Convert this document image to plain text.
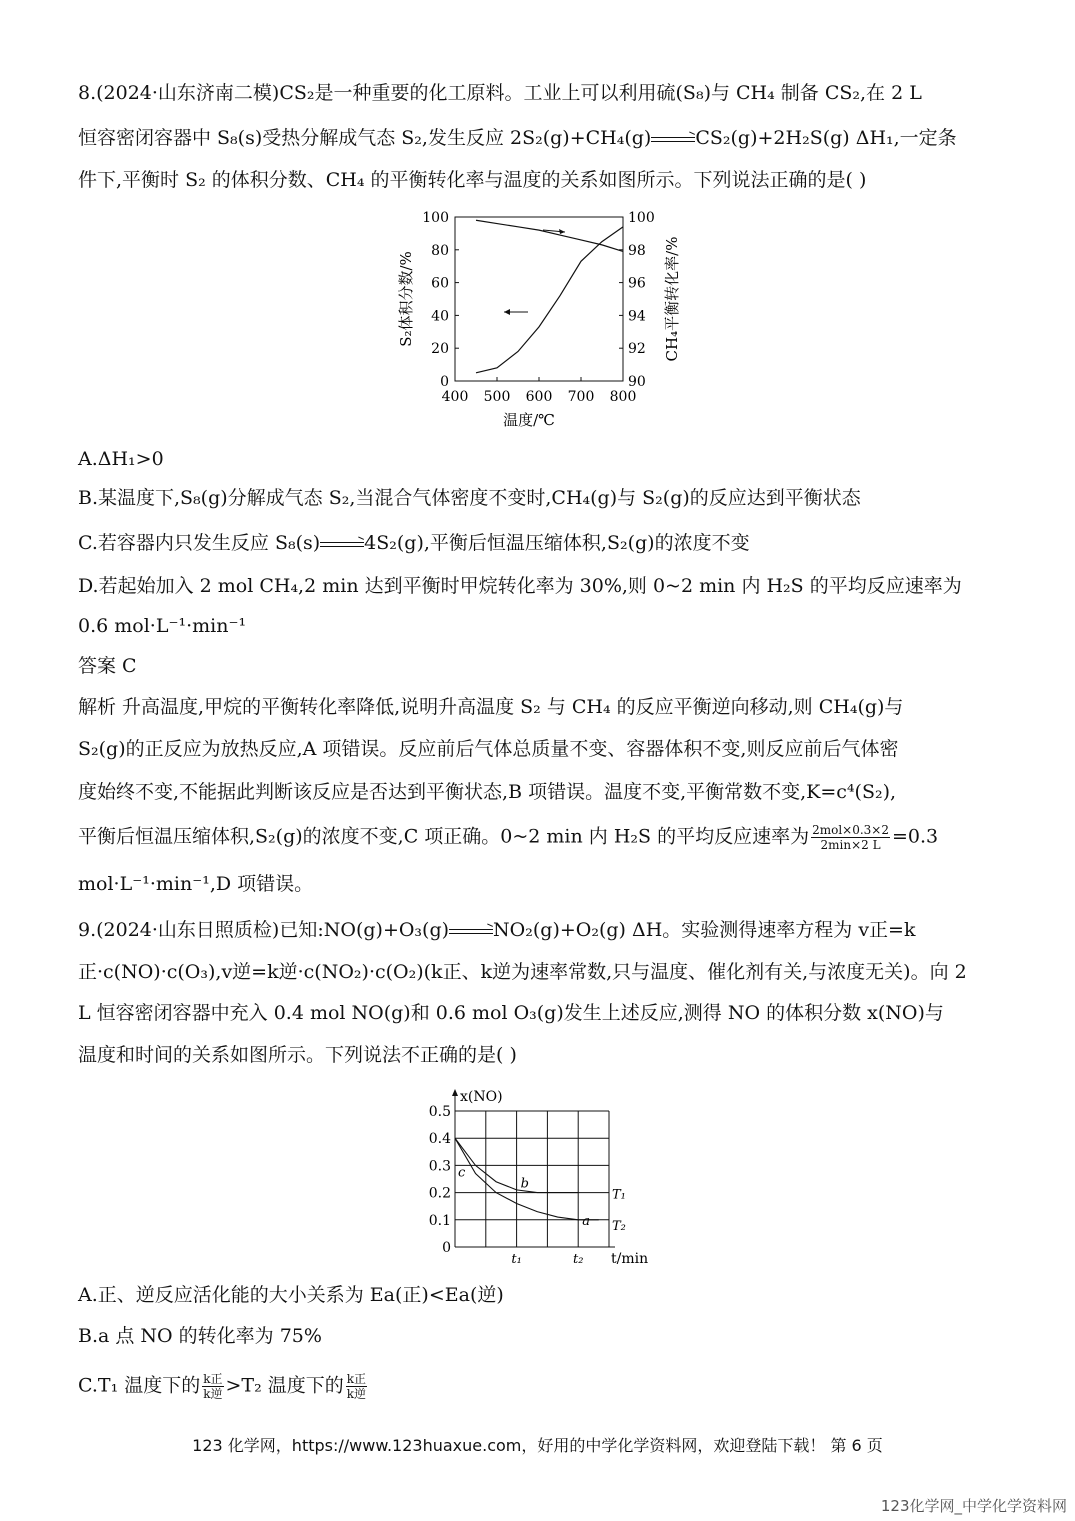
8.(2024·山东济南二模)CS₂是一种重要的化工原料。工业上可以利用硫(S₈)与 CH₄ 制备 CS₂,在 2 L
恒容密闭容器中 S₈(s)受热分解成气态 S₂,发生反应 2S₂(g)+CH₄(g)→CS₂(g)+2H₂S(g) ΔH₁,一定条
件下,平衡时 S₂ 的体积分数、CH₄ 的平衡转化率与温度的关系如图所示。下列说法正确的是( )
400 500 600 700 800
0
20
40
60
80
100
90
92
94
96
98
100
温度/℃
S₂体积分数/%	CH₄平衡转化率/%
A.ΔH₁>0
B.某温度下,S₈(g)分解成气态 S₂,当混合气体密度不变时,CH₄(g)与 S₂(g)的反应达到平衡状态
C.若容器内只发生反应 S₈(s)→4S₂(g),平衡后恒温压缩体积,S₂(g)的浓度不变
D.若起始加入 2 mol CH₄,2 min 达到平衡时甲烷转化率为 30%,则 0~2 min 内 H₂S 的平均反应速率为
0.6 mol·L⁻¹·min⁻¹
答案 C
解析 升高温度,甲烷的平衡转化率降低,说明升高温度 S₂ 与 CH₄ 的反应平衡逆向移动,则 CH₄(g)与
S₂(g)的正反应为放热反应,A 项错误。反应前后气体总质量不变、容器体积不变,则反应前后气体密
度始终不变,不能据此判断该反应是否达到平衡状态,B 项错误。温度不变,平衡常数不变,K=c⁴(S₂),
平衡后恒温压缩体积,S₂(g)的浓度不变,C 项正确。0~2 min 内 H₂S 的平均反应速率为 $\frac{\text{2mol×0.3×2}}{2\min\times 2 L} =0.3$
mol·L⁻¹·min⁻¹,D 项错误。
9.(2024·山东日照质检)已知:NO(g)+O₃(g)→NO₂(g)+O₂(g) ΔH。实验测得速率方程为 v正=k
正·c(NO)·c(O₃),v逆=k逆·c(NO₂)·c(O₂)(k正、k逆为速率常数,只与温度、催化剂有关,与浓度无关)。向 2
L 恒容密闭容器中充入 0.4 mol NO(g)和 0.6 mol O₃(g)发生上述反应,测得 NO 的体积分数 x(NO)与
温度和时间的关系如图所示。下列说法不正确的是( )
0
0.1
0.2
0.3
0.4
0.5
x(NO)
t/min
t₁	t₂
T₁
T₂
a
b
c
A.正、逆反应活化能的大小关系为 Ea(正)<Ea(逆)
B.a 点 NO 的转化率为 75%
C.T₁ 温度下的 $\frac{\text{k正}}{\text{k逆}} >T_2$ 温度下的 $\frac{\text{k正}}{\text{k逆}}$
123 化学网，https://www.123huaxue.com，好用的中学化学资料网，欢迎登陆下载！ 第 6 页
123化学网_中学化学资料网
